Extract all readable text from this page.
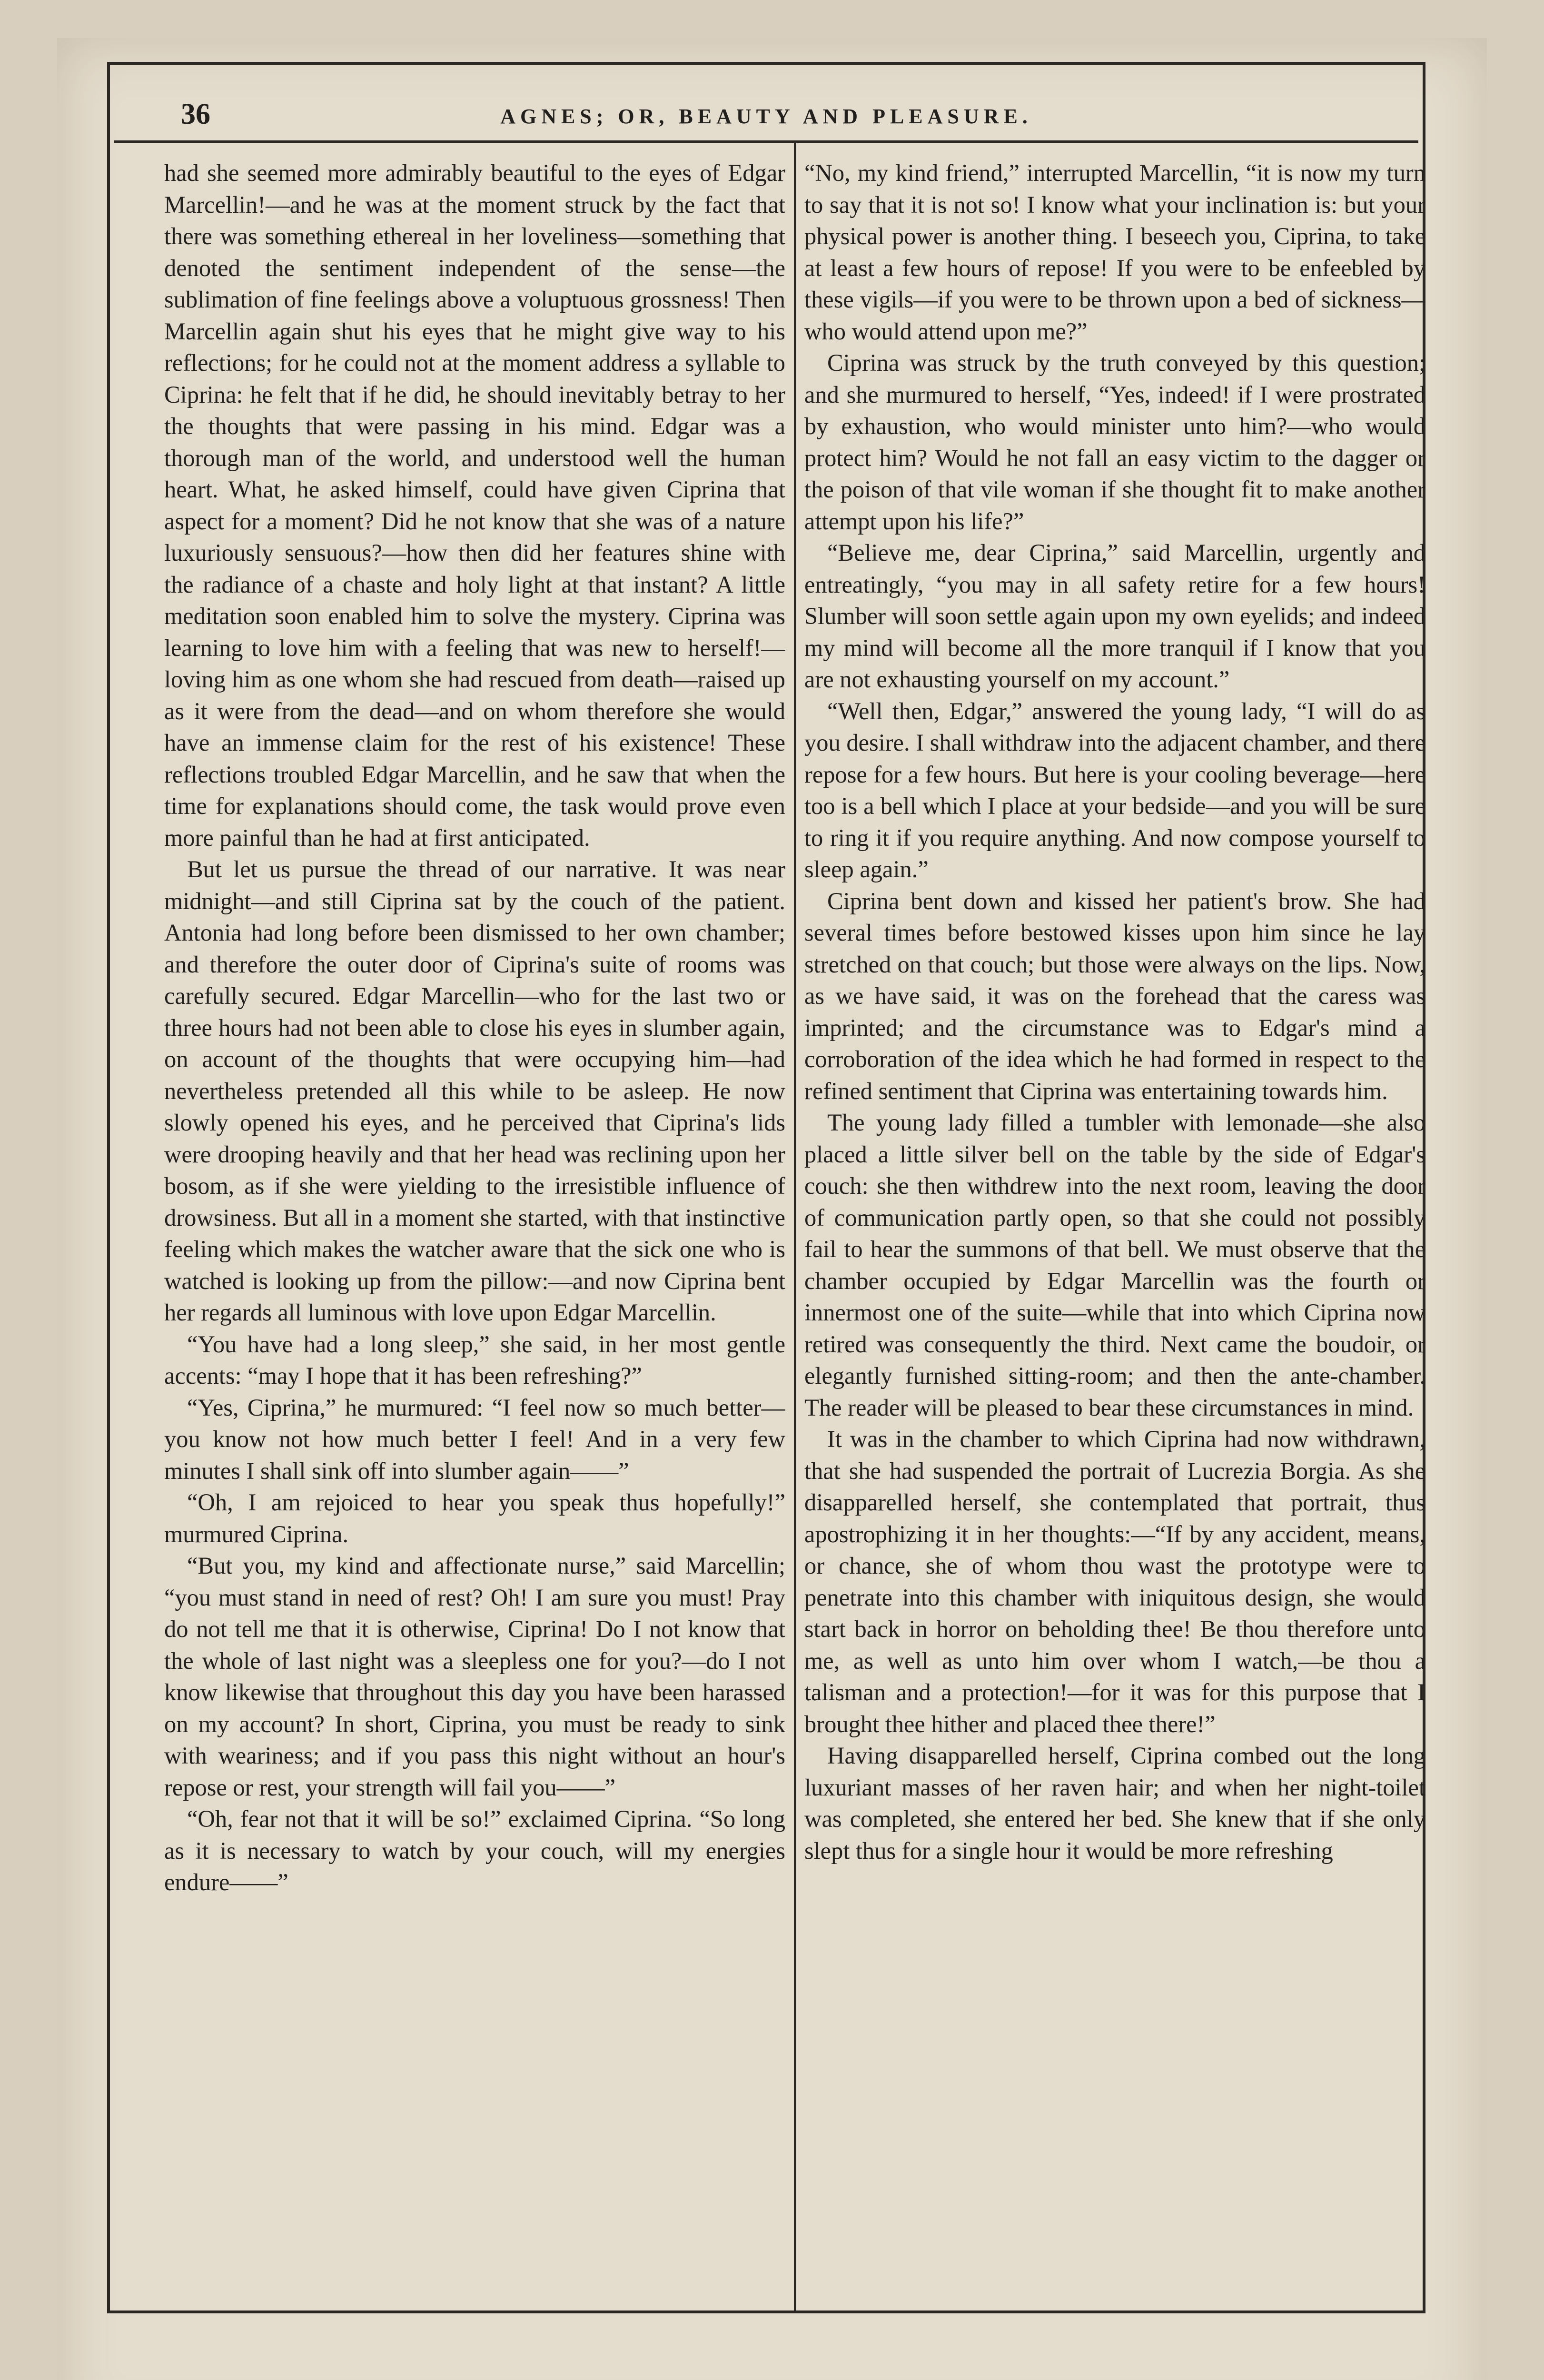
36	AGNES; OR, BEAUTY AND PLEASURE.

had she seemed more admirably beautiful to the eyes of Edgar Marcellin!—and he was at the moment struck by the fact that there was something ethereal in her loveliness—something that denoted the sentiment independent of the sense—the sublimation of fine feelings above a voluptuous grossness! Then Marcellin again shut his eyes that he might give way to his reflections; for he could not at the moment address a syllable to Ciprina: he felt that if he did, he should inevitably betray to her the thoughts that were passing in his mind. Edgar was a thorough man of the world, and understood well the human heart. What, he asked himself, could have given Ciprina that aspect for a moment? Did he not know that she was of a nature luxuriously sensuous?—how then did her features shine with the radiance of a chaste and holy light at that instant? A little meditation soon enabled him to solve the mystery. Ciprina was learning to love him with a feeling that was new to herself!—loving him as one whom she had rescued from death—raised up as it were from the dead—and on whom therefore she would have an immense claim for the rest of his existence! These reflections troubled Edgar Marcellin, and he saw that when the time for explanations should come, the task would prove even more painful than he had at first anticipated.

But let us pursue the thread of our narrative. It was near midnight—and still Ciprina sat by the couch of the patient. Antonia had long before been dismissed to her own chamber; and therefore the outer door of Ciprina's suite of rooms was carefully secured. Edgar Marcellin—who for the last two or three hours had not been able to close his eyes in slumber again, on account of the thoughts that were occupying him—had nevertheless pretended all this while to be asleep. He now slowly opened his eyes, and he perceived that Ciprina's lids were drooping heavily and that her head was reclining upon her bosom, as if she were yielding to the irresistible influence of drowsiness. But all in a moment she started, with that instinctive feeling which makes the watcher aware that the sick one who is watched is looking up from the pillow:—and now Ciprina bent her regards all luminous with love upon Edgar Marcellin.

“You have had a long sleep,” she said, in her most gentle accents: “may I hope that it has been refreshing?”

“Yes, Ciprina,” he murmured: “I feel now so much better—you know not how much better I feel! And in a very few minutes I shall sink off into slumber again——”

“Oh, I am rejoiced to hear you speak thus hopefully!” murmured Ciprina.

“But you, my kind and affectionate nurse,” said Marcellin; “you must stand in need of rest? Oh! I am sure you must! Pray do not tell me that it is otherwise, Ciprina! Do I not know that the whole of last night was a sleepless one for you?—do I not know likewise that throughout this day you have been harassed on my account? In short, Ciprina, you must be ready to sink with weariness; and if you pass this night without an hour's repose or rest, your strength will fail you——”

“Oh, fear not that it will be so!” exclaimed Ciprina. “So long as it is necessary to watch by your couch, will my energies endure——”

“No, my kind friend,” interrupted Marcellin, “it is now my turn to say that it is not so! I know what your inclination is: but your physical power is another thing. I beseech you, Ciprina, to take at least a few hours of repose! If you were to be enfeebled by these vigils—if you were to be thrown upon a bed of sickness—who would attend upon me?”

Ciprina was struck by the truth conveyed by this question; and she murmured to herself, “Yes, indeed! if I were prostrated by exhaustion, who would minister unto him?—who would protect him? Would he not fall an easy victim to the dagger or the poison of that vile woman if she thought fit to make another attempt upon his life?”

“Believe me, dear Ciprina,” said Marcellin, urgently and entreatingly, “you may in all safety retire for a few hours! Slumber will soon settle again upon my own eyelids; and indeed my mind will become all the more tranquil if I know that you are not exhausting yourself on my account.”

“Well then, Edgar,” answered the young lady, “I will do as you desire. I shall withdraw into the adjacent chamber, and there repose for a few hours. But here is your cooling beverage—here too is a bell which I place at your bedside—and you will be sure to ring it if you require anything. And now compose yourself to sleep again.”

Ciprina bent down and kissed her patient's brow. She had several times before bestowed kisses upon him since he lay stretched on that couch; but those were always on the lips. Now, as we have said, it was on the forehead that the caress was imprinted; and the circumstance was to Edgar's mind a corroboration of the idea which he had formed in respect to the refined sentiment that Ciprina was entertaining towards him.

The young lady filled a tumbler with lemonade—she also placed a little silver bell on the table by the side of Edgar's couch: she then withdrew into the next room, leaving the door of communication partly open, so that she could not possibly fail to hear the summons of that bell. We must observe that the chamber occupied by Edgar Marcellin was the fourth or innermost one of the suite—while that into which Ciprina now retired was consequently the third. Next came the boudoir, or elegantly furnished sitting-room; and then the ante-chamber. The reader will be pleased to bear these circumstances in mind.

It was in the chamber to which Ciprina had now withdrawn, that she had suspended the portrait of Lucrezia Borgia. As she disapparelled herself, she contemplated that portrait, thus apostrophizing it in her thoughts:—“If by any accident, means, or chance, she of whom thou wast the prototype were to penetrate into this chamber with iniquitous design, she would start back in horror on beholding thee! Be thou therefore unto me, as well as unto him over whom I watch,—be thou a talisman and a protection!—for it was for this purpose that I brought thee hither and placed thee there!”

Having disapparelled herself, Ciprina combed out the long luxuriant masses of her raven hair; and when her night-toilet was completed, she entered her bed. She knew that if she only slept thus for a single hour it would be more refreshing
